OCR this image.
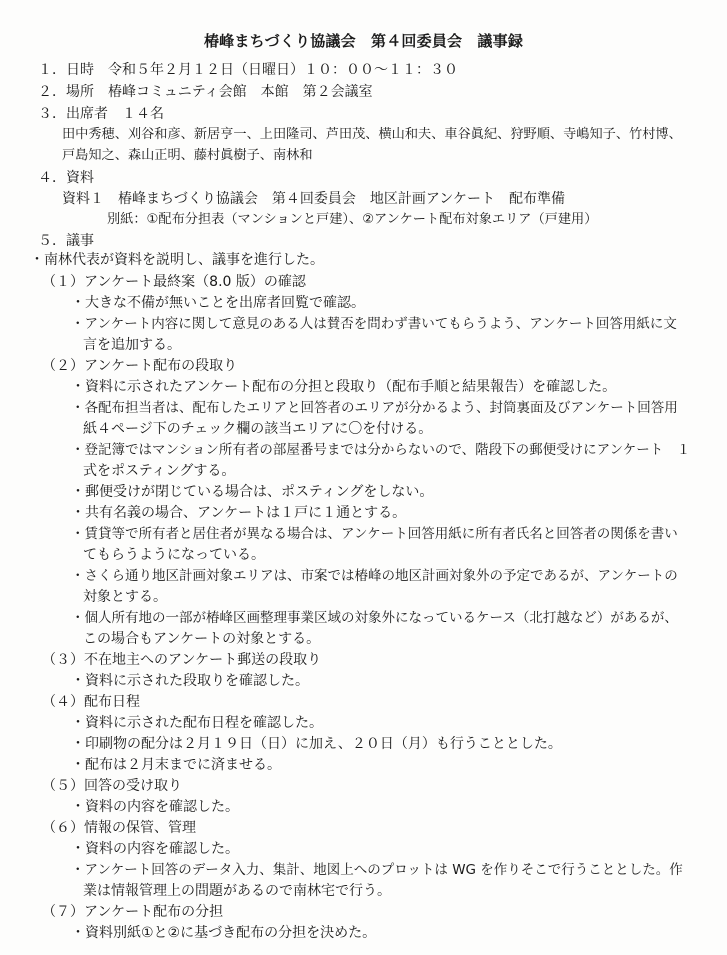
椿峰まちづくり協議会　第４回委員会　議事録
１．日時　令和５年２月１２日（日曜日）１０：００〜１１：３０
２．場所　椿峰コミュニティ会館　本館　第２会議室
３．出席者　１４名
田中秀穂、刈谷和彦、新居亨一、上田隆司、芦田茂、横山和夫、車谷眞紀、狩野順、寺嶋知子、竹村博、
戸島知之、森山正明、藤村眞樹子、南林和
４．資料
資料１　椿峰まちづくり協議会　第４回委員会　地区計画アンケート　配布準備
別紙：①配布分担表（マンションと戸建）、②アンケート配布対象エリア（戸建用）
５．議事
・南林代表が資料を説明し、議事を進行した。
（１）アンケート最終案（8.0 版）の確認
・大きな不備が無いことを出席者回覧で確認。
・アンケート内容に関して意見のある人は賛否を問わず書いてもらうよう、アンケート回答用紙に文
言を追加する。
（２）アンケート配布の段取り
・資料に示されたアンケート配布の分担と段取り（配布手順と結果報告）を確認した。
・各配布担当者は、配布したエリアと回答者のエリアが分かるよう、封筒裏面及びアンケート回答用
紙４ページ下のチェック欄の該当エリアに〇を付ける。
・登記簿ではマンション所有者の部屋番号までは分からないので、階段下の郵便受けにアンケート　１
式をポスティングする。
・郵便受けが閉じている場合は、ポスティングをしない。
・共有名義の場合、アンケートは１戸に１通とする。
・賃貸等で所有者と居住者が異なる場合は、アンケート回答用紙に所有者氏名と回答者の関係を書い
てもらうようになっている。
・さくら通り地区計画対象エリアは、市案では椿峰の地区計画対象外の予定であるが、アンケートの
対象とする。
・個人所有地の一部が椿峰区画整理事業区域の対象外になっているケース（北打越など）があるが、
この場合もアンケートの対象とする。
（３）不在地主へのアンケート郵送の段取り
・資料に示された段取りを確認した。
（４）配布日程
・資料に示された配布日程を確認した。
・印刷物の配分は２月１９日（日）に加え、２０日（月）も行うこととした。
・配布は２月末までに済ませる。
（５）回答の受け取り
・資料の内容を確認した。
（６）情報の保管、管理
・資料の内容を確認した。
・アンケート回答のデータ入力、集計、地図上へのプロットは WG を作りそこで行うこととした。作
業は情報管理上の問題があるので南林宅で行う。
（７）アンケート配布の分担
・資料別紙①と②に基づき配布の分担を決めた。
